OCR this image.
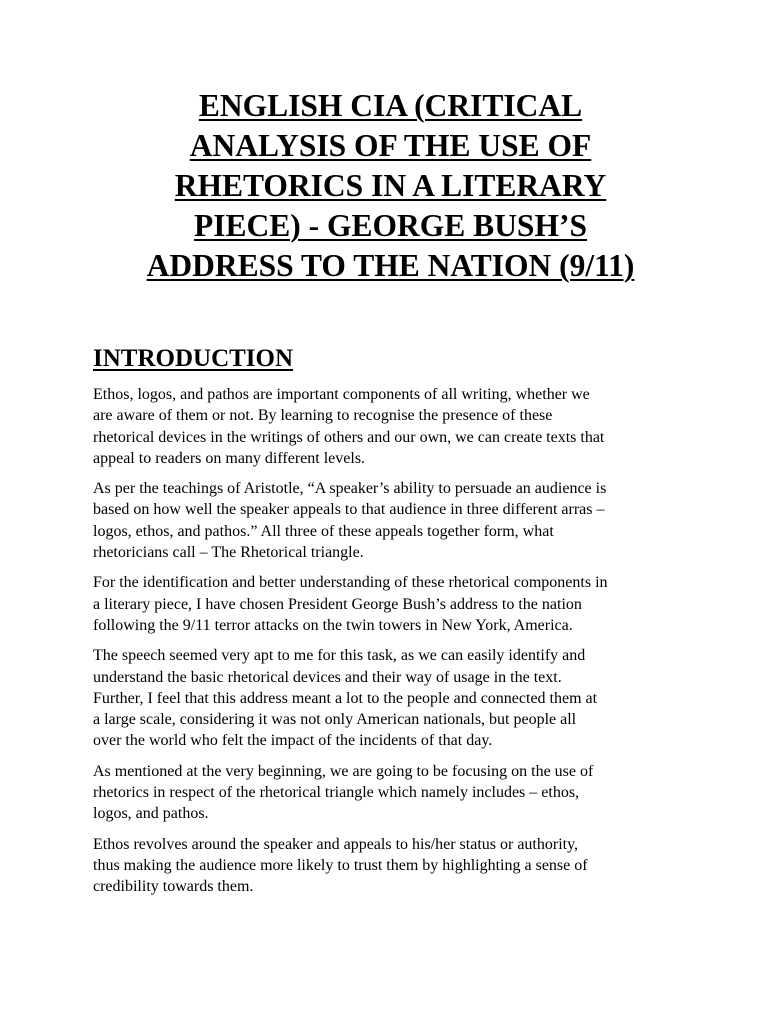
ENGLISH CIA (CRITICAL
ANALYSIS OF THE USE OF
RHETORICS IN A LITERARY
PIECE) - GEORGE BUSH’S
ADDRESS TO THE NATION (9/11)
INTRODUCTION

Ethos, logos, and pathos are important components of all writing, whether we
are aware of them or not. By learning to recognise the presence of these
rhetorical devices in the writings of others and our own, we can create texts that
appeal to readers on many different levels.

As per the teachings of Aristotle, “A speaker’s ability to persuade an audience is
based on how well the speaker appeals to that audience in three different arras –
logos, ethos, and pathos.” All three of these appeals together form, what
rhetoricians call – The Rhetorical triangle.

For the identification and better understanding of these rhetorical components in
a literary piece, I have chosen President George Bush’s address to the nation
following the 9/11 terror attacks on the twin towers in New York, America.

The speech seemed very apt to me for this task, as we can easily identify and
understand the basic rhetorical devices and their way of usage in the text.
Further, I feel that this address meant a lot to the people and connected them at
a large scale, considering it was not only American nationals, but people all
over the world who felt the impact of the incidents of that day.

As mentioned at the very beginning, we are going to be focusing on the use of
rhetorics in respect of the rhetorical triangle which namely includes – ethos,
logos, and pathos.

Ethos revolves around the speaker and appeals to his/her status or authority,
thus making the audience more likely to trust them by highlighting a sense of
credibility towards them.
